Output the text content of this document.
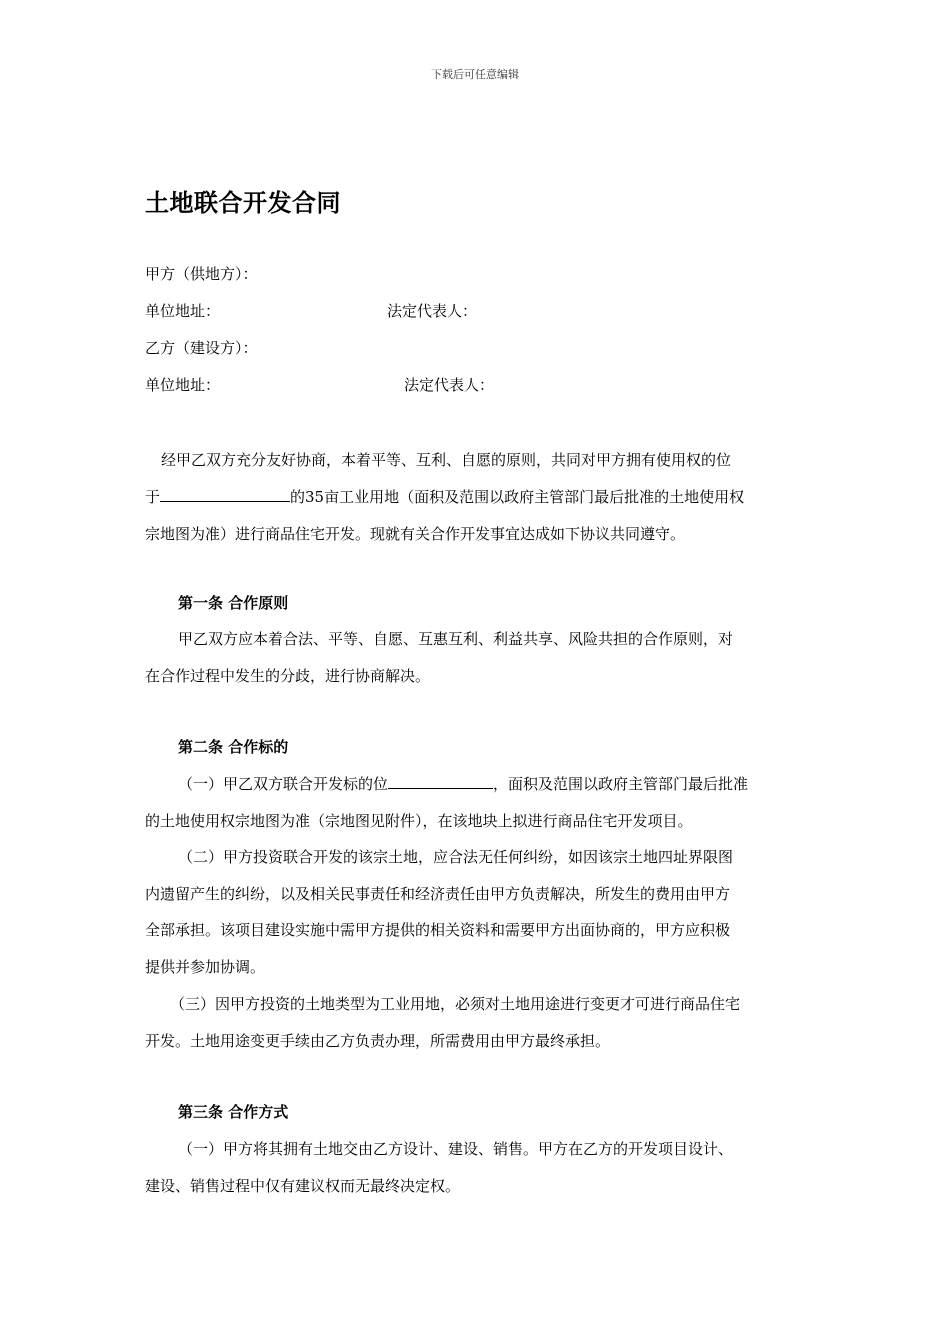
下载后可任意编辑
土地联合开发合同
甲方（供地方）：
单位地址：	法定代表人：
乙方（建设方）：
单位地址：	法定代表人：
经甲乙双方充分友好协商，本着平等、互利、自愿的原则，共同对甲方拥有使用权的位
于	的35亩工业用地（面积及范围以政府主管部门最后批准的土地使用权
宗地图为准）进行商品住宅开发。现就有关合作开发事宜达成如下协议共同遵守。
第一条 合作原则
甲乙双方应本着合法、平等、自愿、互惠互利、利益共享、风险共担的合作原则，对
在合作过程中发生的分歧，进行协商解决。
第二条 合作标的
（一）甲乙双方联合开发标的位	，面积及范围以政府主管部门最后批准
的土地使用权宗地图为准（宗地图见附件），在该地块上拟进行商品住宅开发项目。
（二）甲方投资联合开发的该宗土地，应合法无任何纠纷，如因该宗土地四址界限图
内遗留产生的纠纷，以及相关民事责任和经济责任由甲方负责解决，所发生的费用由甲方
全部承担。该项目建设实施中需甲方提供的相关资料和需要甲方出面协商的，甲方应积极
提供并参加协调。
（三）因甲方投资的土地类型为工业用地，必须对土地用途进行变更才可进行商品住宅
开发。土地用途变更手续由乙方负责办理，所需费用由甲方最终承担。
第三条 合作方式
（一）甲方将其拥有土地交由乙方设计、建设、销售。甲方在乙方的开发项目设计、
建设、销售过程中仅有建议权而无最终决定权。
